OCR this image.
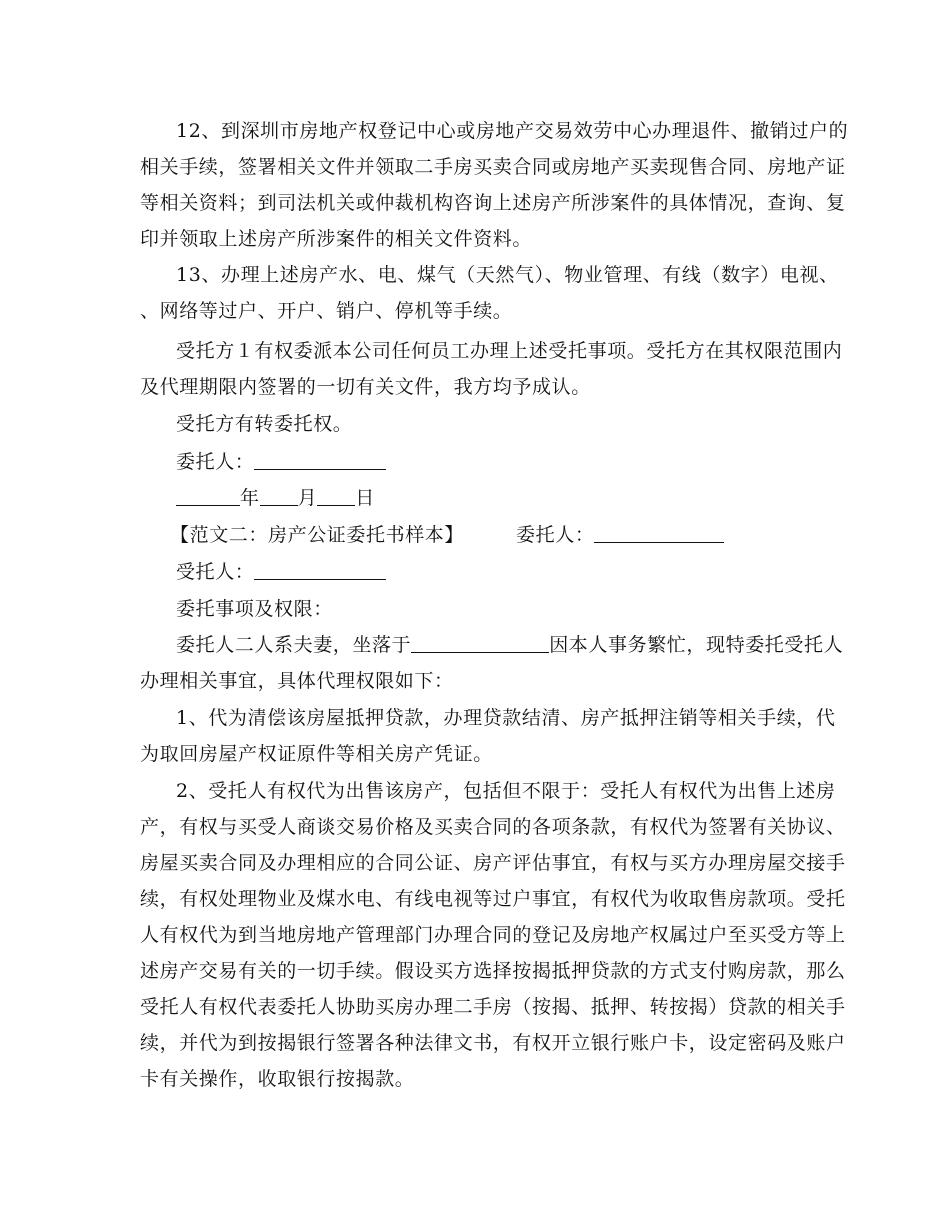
12、到深圳市房地产权登记中心或房地产交易效劳中心办理退件、撤销过户的
相关手续，签署相关文件并领取二手房买卖合同或房地产买卖现售合同、房地产证
等相关资料；到司法机关或仲裁机构咨询上述房产所涉案件的具体情况，查询、复
印并领取上述房产所涉案件的相关文件资料。
13、办理上述房产水、电、煤气（天然气）、物业管理、有线（数字）电视、
、网络等过户、开户、销户、停机等手续。
受托方１有权委派本公司任何员工办理上述受托事项。受托方在其权限范围内
及代理期限内签署的一切有关文件，我方均予成认。
受托方有转委托权。
委托人：
年 月 日
【范文二：房产公证委托书样本】	委托人：
受托人：
委托事项及权限：
委托人二人系夫妻，坐落于	因本人事务繁忙，现特委托受托人
办理相关事宜，具体代理权限如下：
1、代为清偿该房屋抵押贷款，办理贷款结清、房产抵押注销等相关手续，代
为取回房屋产权证原件等相关房产凭证。
2、受托人有权代为出售该房产，包括但不限于：受托人有权代为出售上述房
产，有权与买受人商谈交易价格及买卖合同的各项条款，有权代为签署有关协议、
房屋买卖合同及办理相应的合同公证、房产评估事宜，有权与买方办理房屋交接手
续，有权处理物业及煤水电、有线电视等过户事宜，有权代为收取售房款项。受托
人有权代为到当地房地产管理部门办理合同的登记及房地产权属过户至买受方等上
述房产交易有关的一切手续。假设买方选择按揭抵押贷款的方式支付购房款，那么
受托人有权代表委托人协助买房办理二手房（按揭、抵押、转按揭）贷款的相关手
续，并代为到按揭银行签署各种法律文书，有权开立银行账户卡，设定密码及账户
卡有关操作，收取银行按揭款。
